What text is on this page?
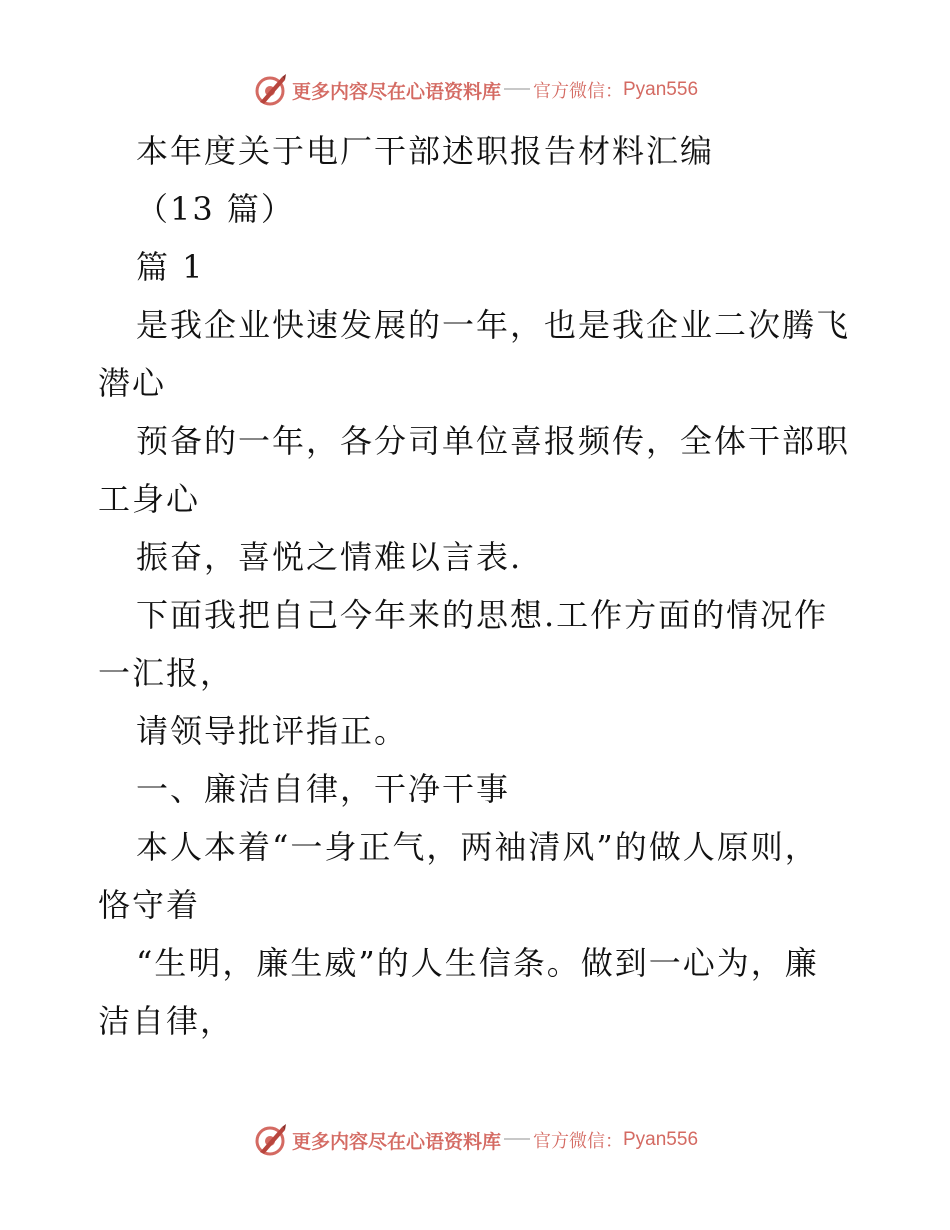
更多内容尽在心语资料库 官方微信： Pyan556
本年度关于电厂干部述职报告材料汇编
（13 篇）
篇 1
是我企业快速发展的一年，也是我企业二次腾飞
潜心
预备的一年，各分司单位喜报频传，全体干部职
工身心
振奋，喜悦之情难以言表.
下面我把自己今年来的思想.工作方面的情况作
一汇报，
请领导批评指正。
一、廉洁自律，干净干事
本人本着“一身正气，两袖清风”的做人原则，
恪守着
“生明，廉生威”的人生信条。做到一心为，廉
洁自律，
更多内容尽在心语资料库 官方微信： Pyan556
